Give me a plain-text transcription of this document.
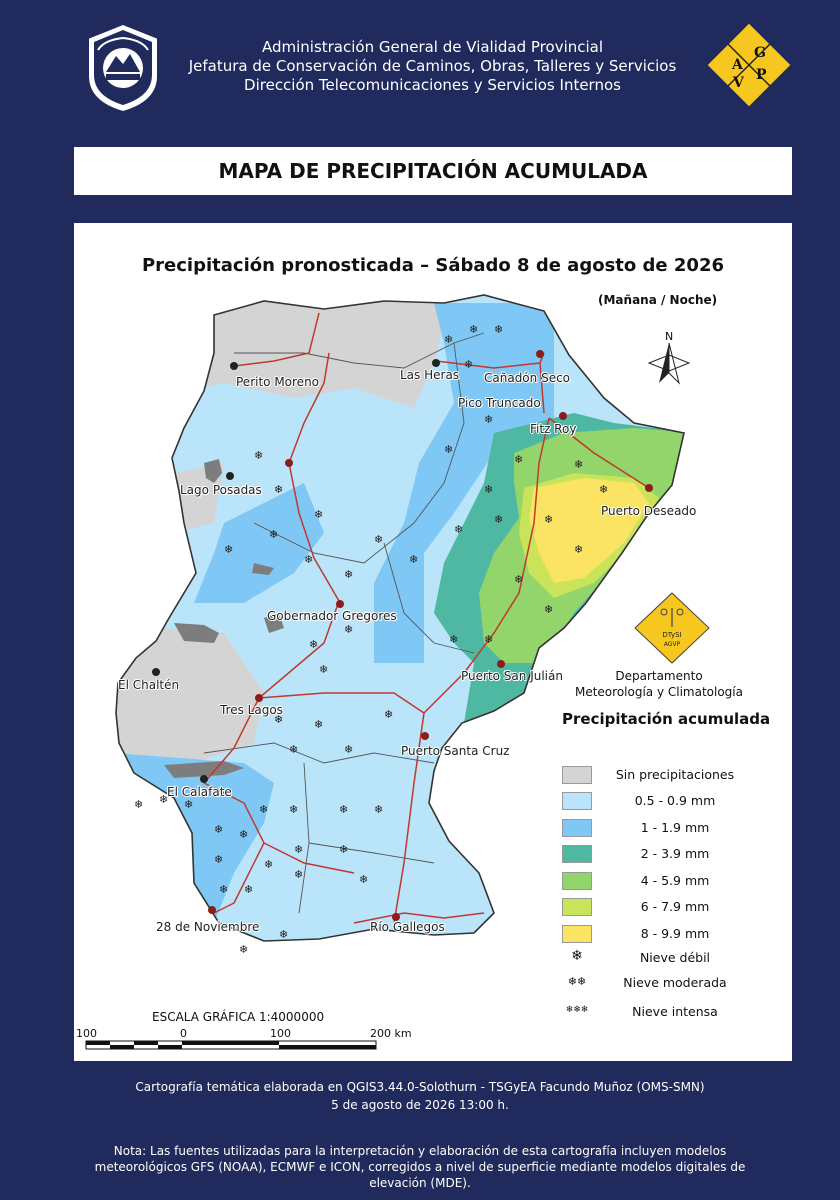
Administración General de Vialidad Provincial
Jefatura de Conservación de Caminos, Obras, Talleres y Servicios
Dirección Telecomunicaciones y Servicios Internos
A
G
V P
MAPA DE PRECIPITACIÓN ACUMULADA
Precipitación pronosticada – Sábado 8 de agosto de 2026
(Mañana / Noche)
❄
❄ ❄
❄
❄
❄
❄
❄
❄
❄
❄
❄
❄
❄
❄
❄
❄ ❄
❄
❄
❄
❄
❄
❄
❄
❄
❄
❄
❄
❄
❄	❄
❄
❄
❄
❄ ❄ ❄
❄
❄ ❄
❄
❄
❄ ❄
❄
❄	❄
❄
❄ ❄
❄
❄
❄
N
DTySI
AGVP
Perito Moreno	Las Heras Cañadón Seco
Pico Truncado
Fitz Roy
Lago Posadas
Puerto Deseado
Gobernador Gregores
El Chaltén
Puerto San Julián
Tres Lagos
Puerto Santa Cruz
El Calafate
28 de Noviembre	Río Gallegos
Departamento
Meteorología y Climatología
Precipitación acumulada
Sin precipitaciones
0.5 - 0.9 mm
1 - 1.9 mm
2 - 3.9 mm
4 - 5.9 mm
6 - 7.9 mm
8 - 9.9 mm
❄	Nieve débil
❄❄	Nieve moderada
❄❄❄	Nieve intensa
ESCALA GRÁFICA 1:4000000
100	0	100	200 km
Cartografía temática elaborada en QGIS3.44.0-Solothurn - TSGyEA Facundo Muñoz (OMS-SMN)
5 de agosto de 2026 13:00 h.
Nota: Las fuentes utilizadas para la interpretación y elaboración de esta cartografía incluyen modelos meteorológicos GFS (NOAA), ECMWF e ICON, corregidos a nivel de superficie mediante modelos digitales de elevación (MDE).
